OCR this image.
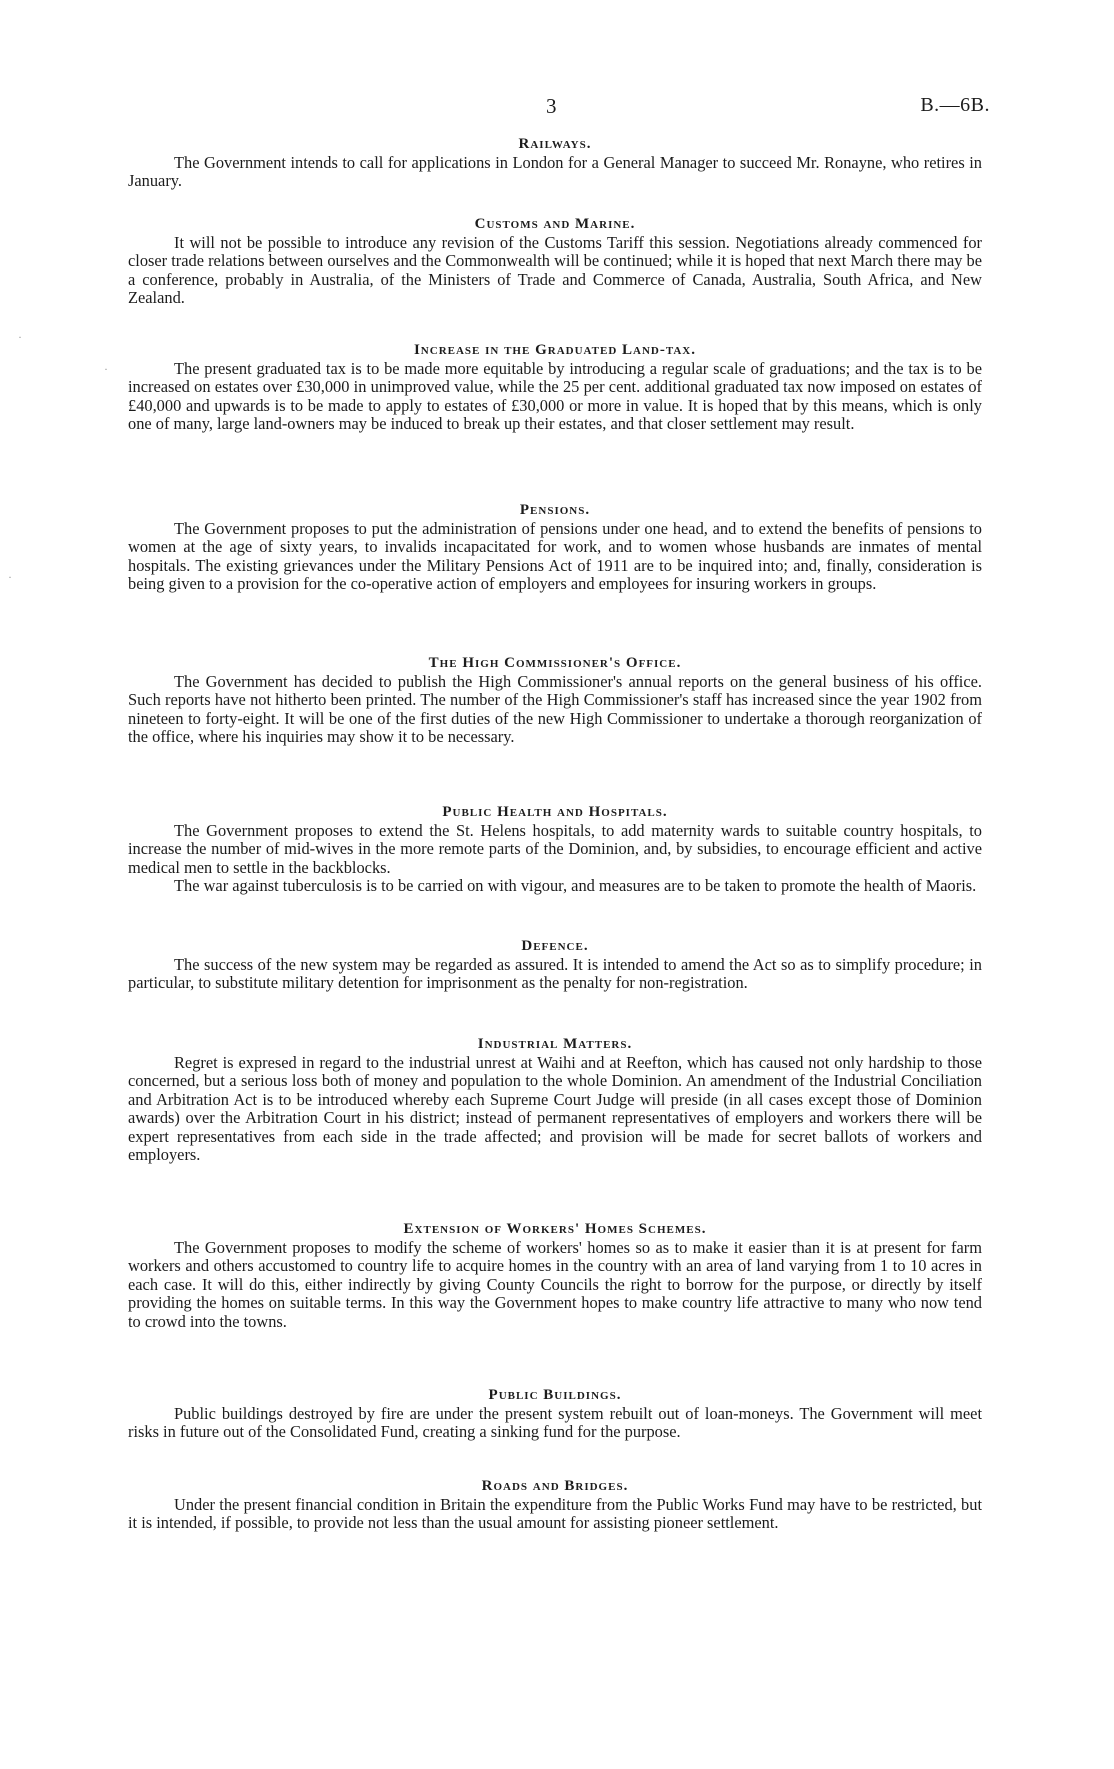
3	B.—6B.
Railways.

The Government intends to call for applications in London for a General Manager to succeed Mr. Ronayne, who retires in January.

Customs and Marine.

It will not be possible to introduce any revision of the Customs Tariff this session. Negotiations already commenced for closer trade relations between ourselves and the Commonwealth will be continued; while it is hoped that next March there may be a conference, probably in Australia, of the Ministers of Trade and Commerce of Canada, Australia, South Africa, and New Zealand.

Increase in the Graduated Land-tax.

The present graduated tax is to be made more equitable by introducing a regular scale of graduations; and the tax is to be increased on estates over £30,000 in unimproved value, while the 25 per cent. additional graduated tax now imposed on estates of £40,000 and upwards is to be made to apply to estates of £30,000 or more in value. It is hoped that by this means, which is only one of many, large land-owners may be induced to break up their estates, and that closer settlement may result.

Pensions.

The Government proposes to put the administration of pensions under one head, and to extend the benefits of pensions to women at the age of sixty years, to invalids incapacitated for work, and to women whose husbands are inmates of mental hospitals. The existing grievances under the Military Pensions Act of 1911 are to be inquired into; and, finally, consideration is being given to a provision for the co-operative action of employers and employees for insuring workers in groups.

The High Commissioner's Office.

The Government has decided to publish the High Commissioner's annual reports on the general business of his office. Such reports have not hitherto been printed. The number of the High Commissioner's staff has increased since the year 1902 from nineteen to forty-eight. It will be one of the first duties of the new High Commissioner to undertake a thorough reorganization of the office, where his inquiries may show it to be necessary.

Public Health and Hospitals.

The Government proposes to extend the St. Helens hospitals, to add maternity wards to suitable country hospitals, to increase the number of mid-wives in the more remote parts of the Dominion, and, by subsidies, to encourage efficient and active medical men to settle in the backblocks.

The war against tuberculosis is to be carried on with vigour, and measures are to be taken to promote the health of Maoris.

Defence.

The success of the new system may be regarded as assured. It is intended to amend the Act so as to simplify procedure; in particular, to substitute military detention for imprisonment as the penalty for non-registration.

Industrial Matters.

Regret is expresed in regard to the industrial unrest at Waihi and at Reefton, which has caused not only hardship to those concerned, but a serious loss both of money and population to the whole Dominion. An amendment of the Industrial Conciliation and Arbitration Act is to be introduced whereby each Supreme Court Judge will preside (in all cases except those of Dominion awards) over the Arbitration Court in his district; instead of permanent representatives of employers and workers there will be expert representatives from each side in the trade affected; and provision will be made for secret ballots of workers and employers.

Extension of Workers' Homes Schemes.

The Government proposes to modify the scheme of workers' homes so as to make it easier than it is at present for farm workers and others accustomed to country life to acquire homes in the country with an area of land varying from 1 to 10 acres in each case. It will do this, either indirectly by giving County Councils the right to borrow for the purpose, or directly by itself providing the homes on suitable terms. In this way the Government hopes to make country life attractive to many who now tend to crowd into the towns.

Public Buildings.

Public buildings destroyed by fire are under the present system rebuilt out of loan-moneys. The Government will meet risks in future out of the Consolidated Fund, creating a sinking fund for the purpose.

Roads and Bridges.

Under the present financial condition in Britain the expenditure from the Public Works Fund may have to be restricted, but it is intended, if possible, to provide not less than the usual amount for assisting pioneer settlement.

·
·
·
